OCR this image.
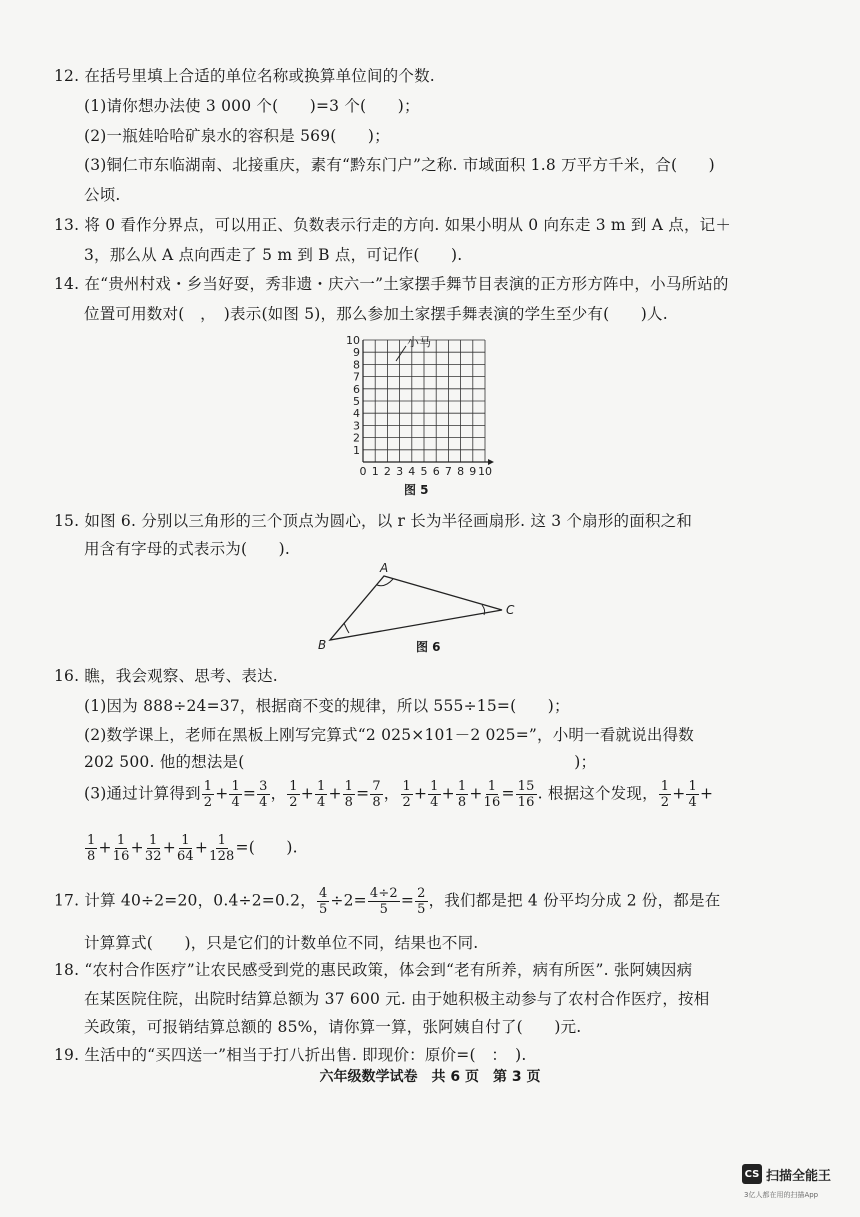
12. 在括号里填上合适的单位名称或换算单位间的个数.
(1)请你想办法使 3 000 个(　　)=3 个(　　)；
(2)一瓶娃哈哈矿泉水的容积是 569(　　)；
(3)铜仁市东临湖南、北接重庆，素有“黔东门户”之称. 市域面积 1.8 万平方千米，合(　　)
公顷.
13. 将 0 看作分界点，可以用正、负数表示行走的方向. 如果小明从 0 向东走 3 m 到 A 点，记＋
3，那么从 A 点向西走了 5 m 到 B 点，可记作(　　).
14. 在“贵州村戏・乡当好耍，秀非遗・庆六一”土家摆手舞节目表演的正方形方阵中，小马所站的
位置可用数对(　，　)表示(如图 5)，那么参加土家摆手舞表演的学生至少有(　　)人.
10
9
8
7
6
5
4
3
2
1
0 1 2 3 4 5 6 7 8 9 10
小马
图 5
15. 如图 6. 分别以三角形的三个顶点为圆心，以 r 长为半径画扇形. 这 3 个扇形的面积之和
用含有字母的式表示为(　　).
A
B
C
图 6
16. 瞧，我会观察、思考、表达.
(1)因为 888÷24=37，根据商不变的规律，所以 555÷15=(　　)；
(2)数学课上，老师在黑板上刚写完算式“2 025×101－2 025=”，小明一看就说出得数
202 500. 他的想法是(　　　　　　　　　　　　　　　　　　　　　)；
(3)通过计算得到 $\frac{1}{2} + \frac{1}{4} = \frac{3}{4}$ ， $\frac{1}{2} + \frac{1}{4} + \frac{1}{8} = \frac{7}{8}$ ， $\frac{1}{2} + \frac{1}{4} + \frac{1}{8} + \frac{1}{16} = \frac{15}{16}$ . 根据这个发现， $\frac{1}{2} + \frac{1}{4}$ +
$\frac{1}{8} + \frac{1}{16} + \frac{1}{32} + \frac{1}{64} + \frac{1}{128}$ =(　　).
17. 计算 40÷2=20，0.4÷2=0.2， $\frac{4}{5} \div 2= \frac{4\div 2}{5} = \frac{2}{5}$ ，我们都是把 4 份平均分成 2 份，都是在
计算算式(　　)，只是它们的计数单位不同，结果也不同.
18. “农村合作医疗”让农民感受到党的惠民政策，体会到“老有所养，病有所医”. 张阿姨因病
在某医院住院，出院时结算总额为 37 600 元. 由于她积极主动参与了农村合作医疗，按相
关政策，可报销结算总额的 85%，请你算一算，张阿姨自付了(　　)元.
19. 生活中的“买四送一”相当于打八折出售. 即现价：原价=(　：　).
六年级数学试卷　共 6 页　第 3 页
CS 扫描全能王
3亿人都在用的扫描App
